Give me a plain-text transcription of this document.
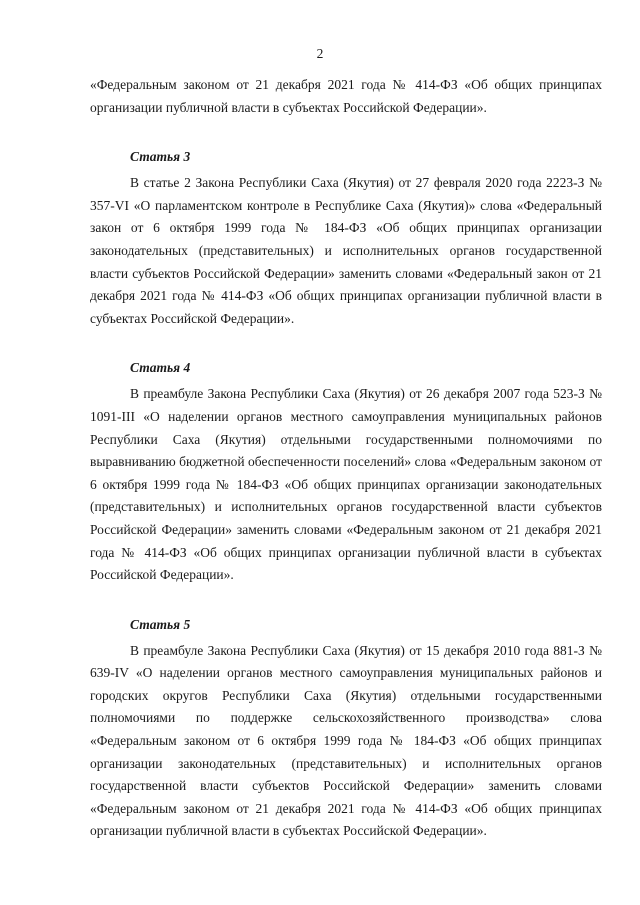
2

«Федеральным законом от 21 декабря 2021 года № 414-ФЗ «Об общих принципах организации публичной власти в субъектах Российской Федерации».

Статья 3

В статье 2 Закона Республики Саха (Якутия) от 27 февраля 2020 года 2223-З № 357-VI «О парламентском контроле в Республике Саха (Якутия)» слова «Федеральный закон от 6 октября 1999 года № 184-ФЗ «Об общих принципах организации законодательных (представительных) и исполнительных органов государственной власти субъектов Российской Федерации» заменить словами «Федеральный закон от 21 декабря 2021 года № 414-ФЗ «Об общих принципах организации публичной власти в субъектах Российской Федерации».

Статья 4

В преамбуле Закона Республики Саха (Якутия) от 26 декабря 2007 года 523-З № 1091-III «О наделении органов местного самоуправления муниципальных районов Республики Саха (Якутия) отдельными государственными полномочиями по выравниванию бюджетной обеспеченности поселений» слова «Федеральным законом от 6 октября 1999 года № 184-ФЗ «Об общих принципах организации законодательных (представительных) и исполнительных органов государственной власти субъектов Российской Федерации» заменить словами «Федеральным законом от 21 декабря 2021 года № 414-ФЗ «Об общих принципах организации публичной власти в субъектах Российской Федерации».

Статья 5

В преамбуле Закона Республики Саха (Якутия) от 15 декабря 2010 года 881-З № 639-IV «О наделении органов местного самоуправления муниципальных районов и городских округов Республики Саха (Якутия) отдельными государственными полномочиями по поддержке сельскохозяйственного производства» слова «Федеральным законом от 6 октября 1999 года № 184-ФЗ «Об общих принципах организации законодательных (представительных) и исполнительных органов государственной власти субъектов Российской Федерации» заменить словами «Федеральным законом от 21 декабря 2021 года № 414-ФЗ «Об общих принципах организации публичной власти в субъектах Российской Федерации».
